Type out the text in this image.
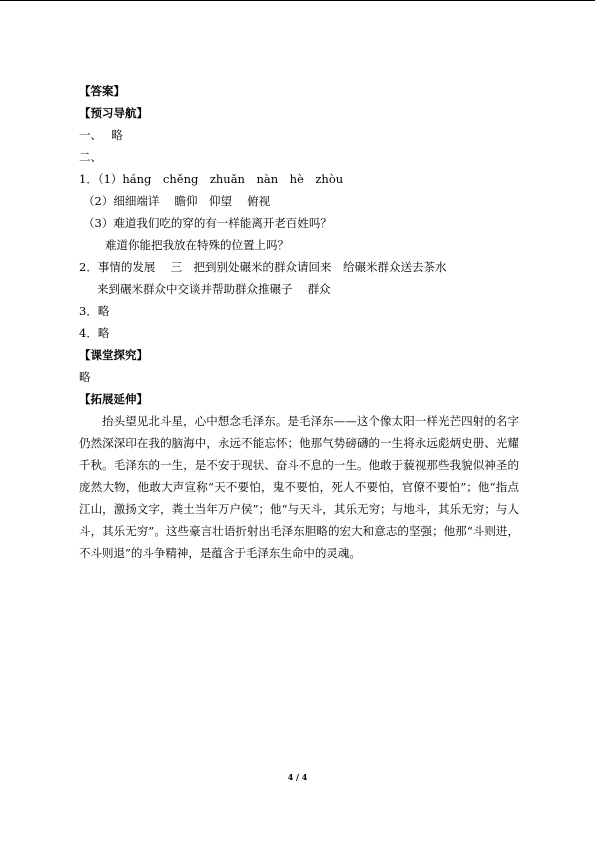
【答案】
【预习导航】
一、　 略
二、
1．（1）háng　chěng　zhuǎn　nàn　hè　zhòu
（2）细细端详　 瞻仰　仰望　 俯视
（3）难道我们吃的穿的有一样能离开老百姓吗？
难道你能把我放在特殊的位置上吗？
2．事情的发展　 三　把到别处碾米的群众请回来　给碾米群众送去茶水
来到碾米群众中交谈并帮助群众推碾子　 群众
3．略
4．略
【课堂探究】
略
【拓展延伸】

抬头望见北斗星，心中想念毛泽东。是毛泽东——这个像太阳一样光芒四射的名字仍然深深印在我的脑海中，永远不能忘怀；他那气势磅礴的一生将永远彪炳史册、光耀千秋。毛泽东的一生，是不安于现状、奋斗不息的一生。他敢于藐视那些我貌似神圣的庞然大物，他敢大声宣称“天不要怕，鬼不要怕，死人不要怕，官僚不要怕”；他“指点江山，激扬文字，粪土当年万户侯”；他“与天斗，其乐无穷；与地斗，其乐无穷；与人斗，其乐无穷”。这些豪言壮语折射出毛泽东胆略的宏大和意志的坚强；他那“斗则进，不斗则退”的斗争精神，是蕴含于毛泽东生命中的灵魂。

4 / 4
